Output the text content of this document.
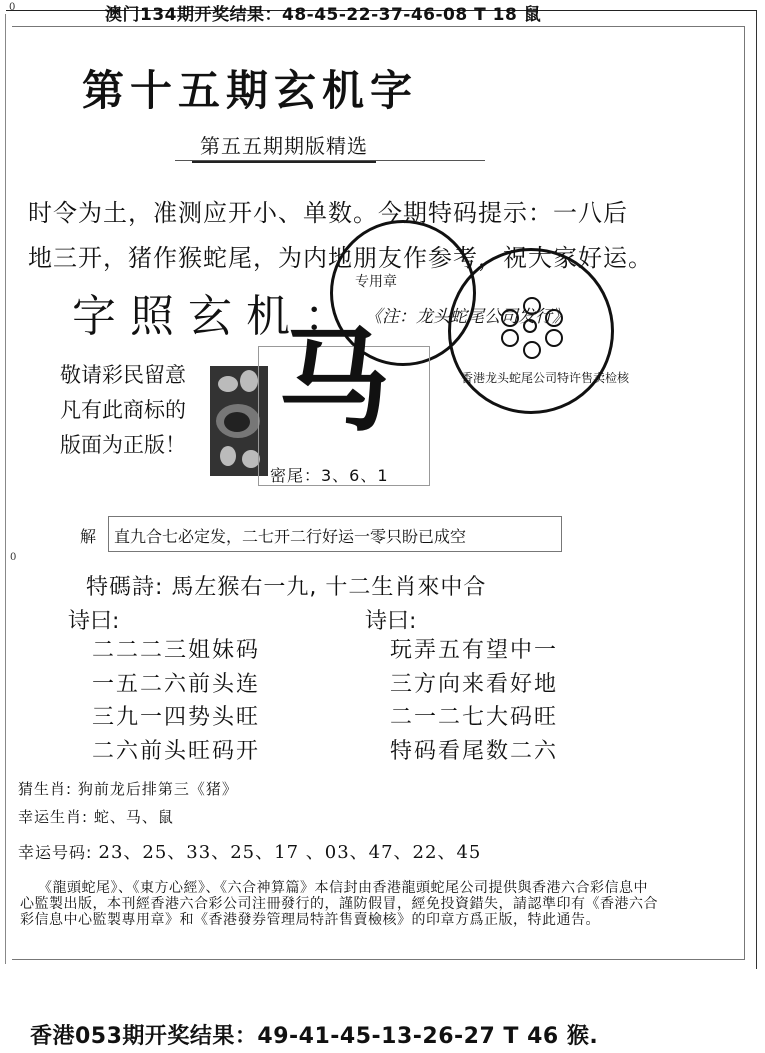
0
0
澳门134期开奖结果：48-45-22-37-46-08 T 18 鼠
第十五期玄机字
第五五期期版精选
时令为土，准测应开小、单数。今期特码提示：一八后
地三开，猪作猴蛇尾，为内地朋友作参考，祝大家好运。
字照玄机：
专用章
香港龙头蛇尾公司特许售卖检核
《注：龙头蛇尾公司发行》
敬请彩民留意
凡有此商标的
版面为正版！ 马
密尾：3、6、1
解 直九合七必定发，二七开二行好运一零只盼已成空
特碼詩: 馬左猴右一九, 十二生肖來中合
诗曰:	诗曰:
二二二三姐妹码
一五二六前头连
三九一四势头旺
二六前头旺码开
玩弄五有望中一
三方向来看好地
二一二七大码旺
特码看尾数二六
猜生肖: 狗前龙后排第三《猪》
幸运生肖: 蛇、马、鼠
幸运号码: 23、25、33、25、17 、03、47、22、45
《龍頭蛇尾》、《東方心經》、《六合神算篇》本信封由香港龍頭蛇尾公司提供與香港六合彩信息中心監製出版，本刊經香港六合彩公司注冊發行的，謹防假冒，經免投資錯失，請認準印有《香港六合彩信息中心監製專用章》和《香港發券管理局特許售賣檢核》的印章方爲正版，特此通告。
香港053期开奖结果：49-41-45-13-26-27 T 46 猴.
